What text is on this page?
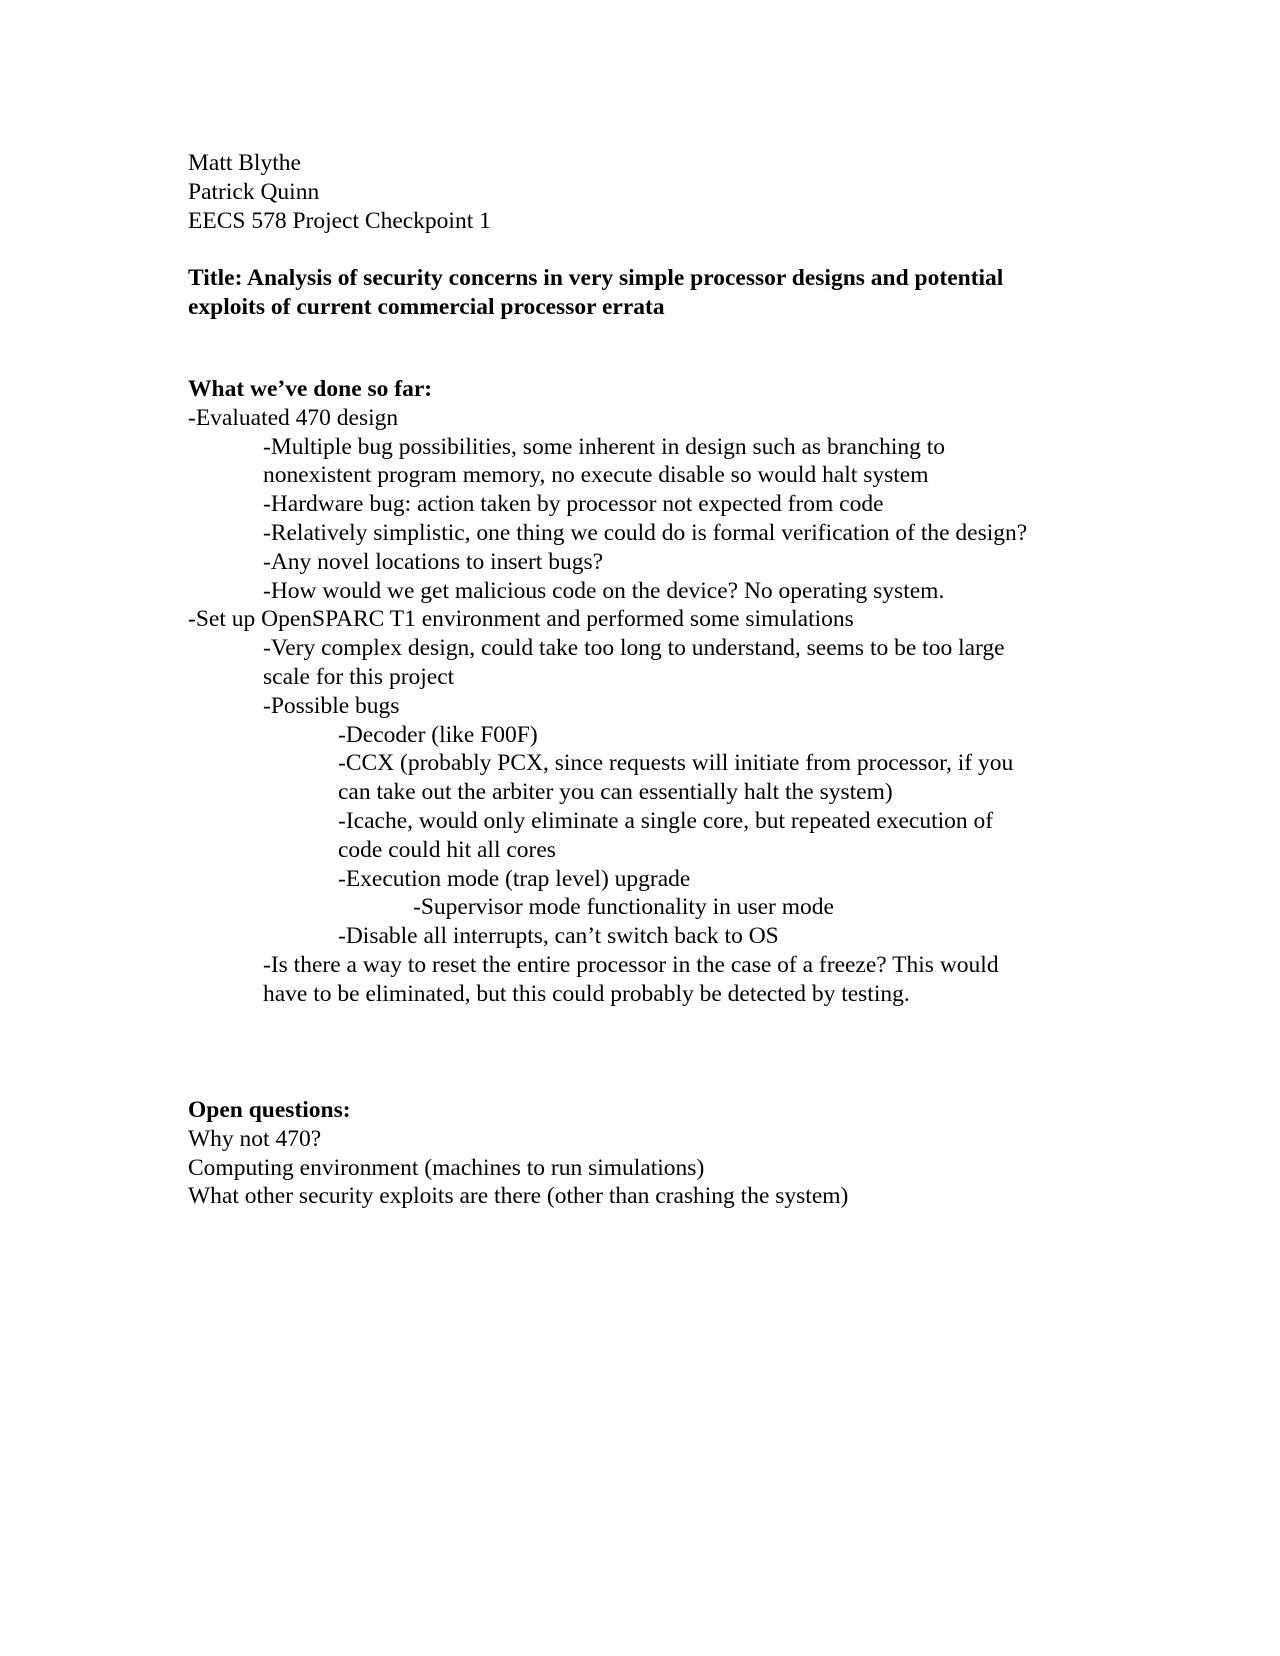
Matt Blythe
Patrick Quinn
EECS 578 Project Checkpoint 1
Title: Analysis of security concerns in very simple processor designs and potential
exploits of current commercial processor errata
What we’ve done so far:
-Evaluated 470 design
-Multiple bug possibilities, some inherent in design such as branching to
nonexistent program memory, no execute disable so would halt system
-Hardware bug: action taken by processor not expected from code
-Relatively simplistic, one thing we could do is formal verification of the design?
-Any novel locations to insert bugs?
-How would we get malicious code on the device? No operating system.
-Set up OpenSPARC T1 environment and performed some simulations
-Very complex design, could take too long to understand, seems to be too large
scale for this project
-Possible bugs
-Decoder (like F00F)
-CCX (probably PCX, since requests will initiate from processor, if you
can take out the arbiter you can essentially halt the system)
-Icache, would only eliminate a single core, but repeated execution of
code could hit all cores
-Execution mode (trap level) upgrade
-Supervisor mode functionality in user mode
-Disable all interrupts, can’t switch back to OS
-Is there a way to reset the entire processor in the case of a freeze? This would
have to be eliminated, but this could probably be detected by testing.
Open questions:
Why not 470?
Computing environment (machines to run simulations)
What other security exploits are there (other than crashing the system)
